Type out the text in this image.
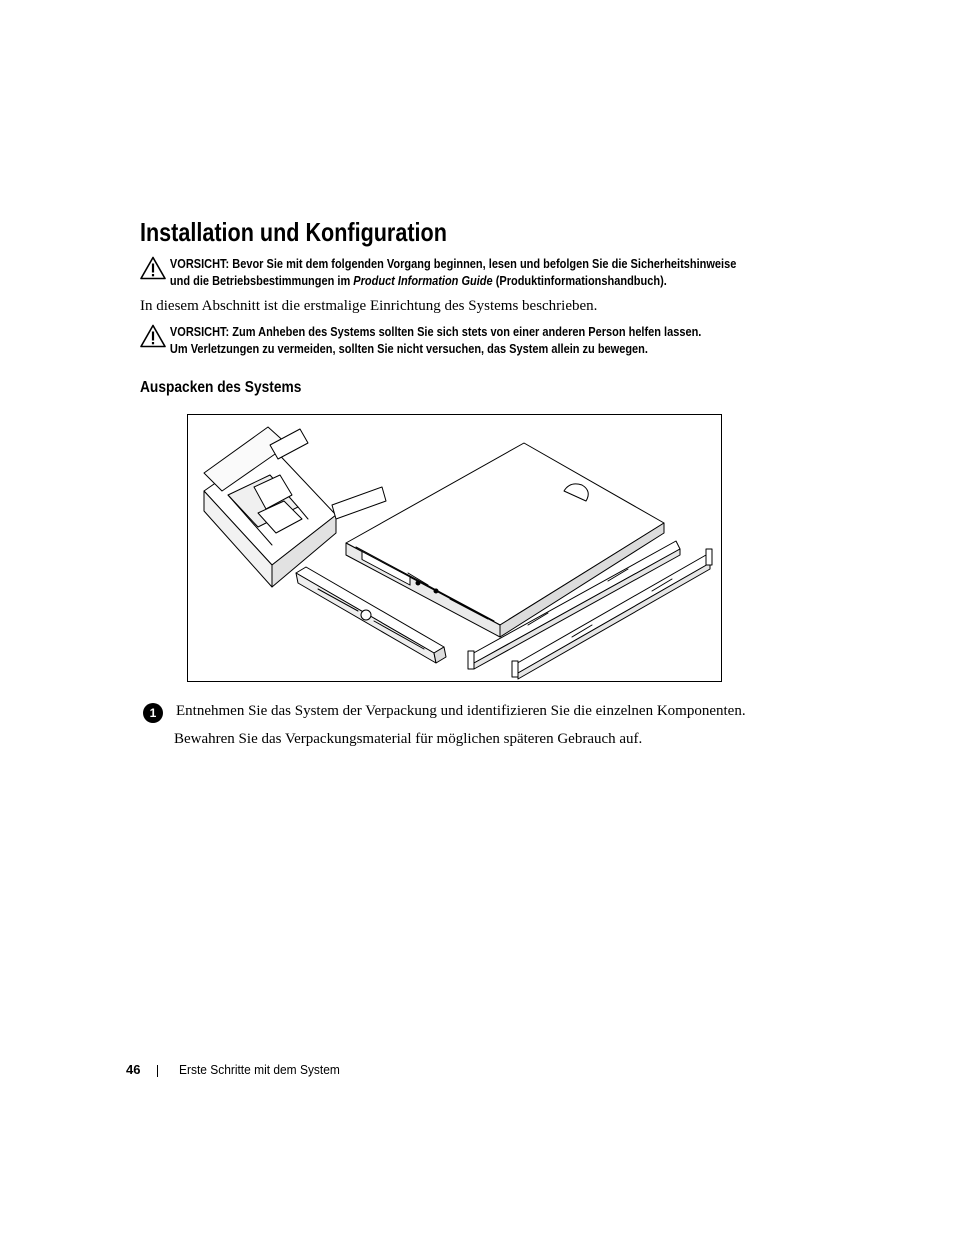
Installation und Konfiguration
VORSICHT: Bevor Sie mit dem folgenden Vorgang beginnen, lesen und befolgen Sie die Sicherheitshinweise
und die Betriebsbestimmungen im Product Information Guide (Produktinformationshandbuch).
In diesem Abschnitt ist die erstmalige Einrichtung des Systems beschrieben.
VORSICHT: Zum Anheben des Systems sollten Sie sich stets von einer anderen Person helfen lassen.
Um Verletzungen zu vermeiden, sollten Sie nicht versuchen, das System allein zu bewegen.
Auspacken des Systems
1	Entnehmen Sie das System der Verpackung und identifizieren Sie die einzelnen Komponenten.
Bewahren Sie das Verpackungsmaterial für möglichen späteren Gebrauch auf.
46	Erste Schritte mit dem System
